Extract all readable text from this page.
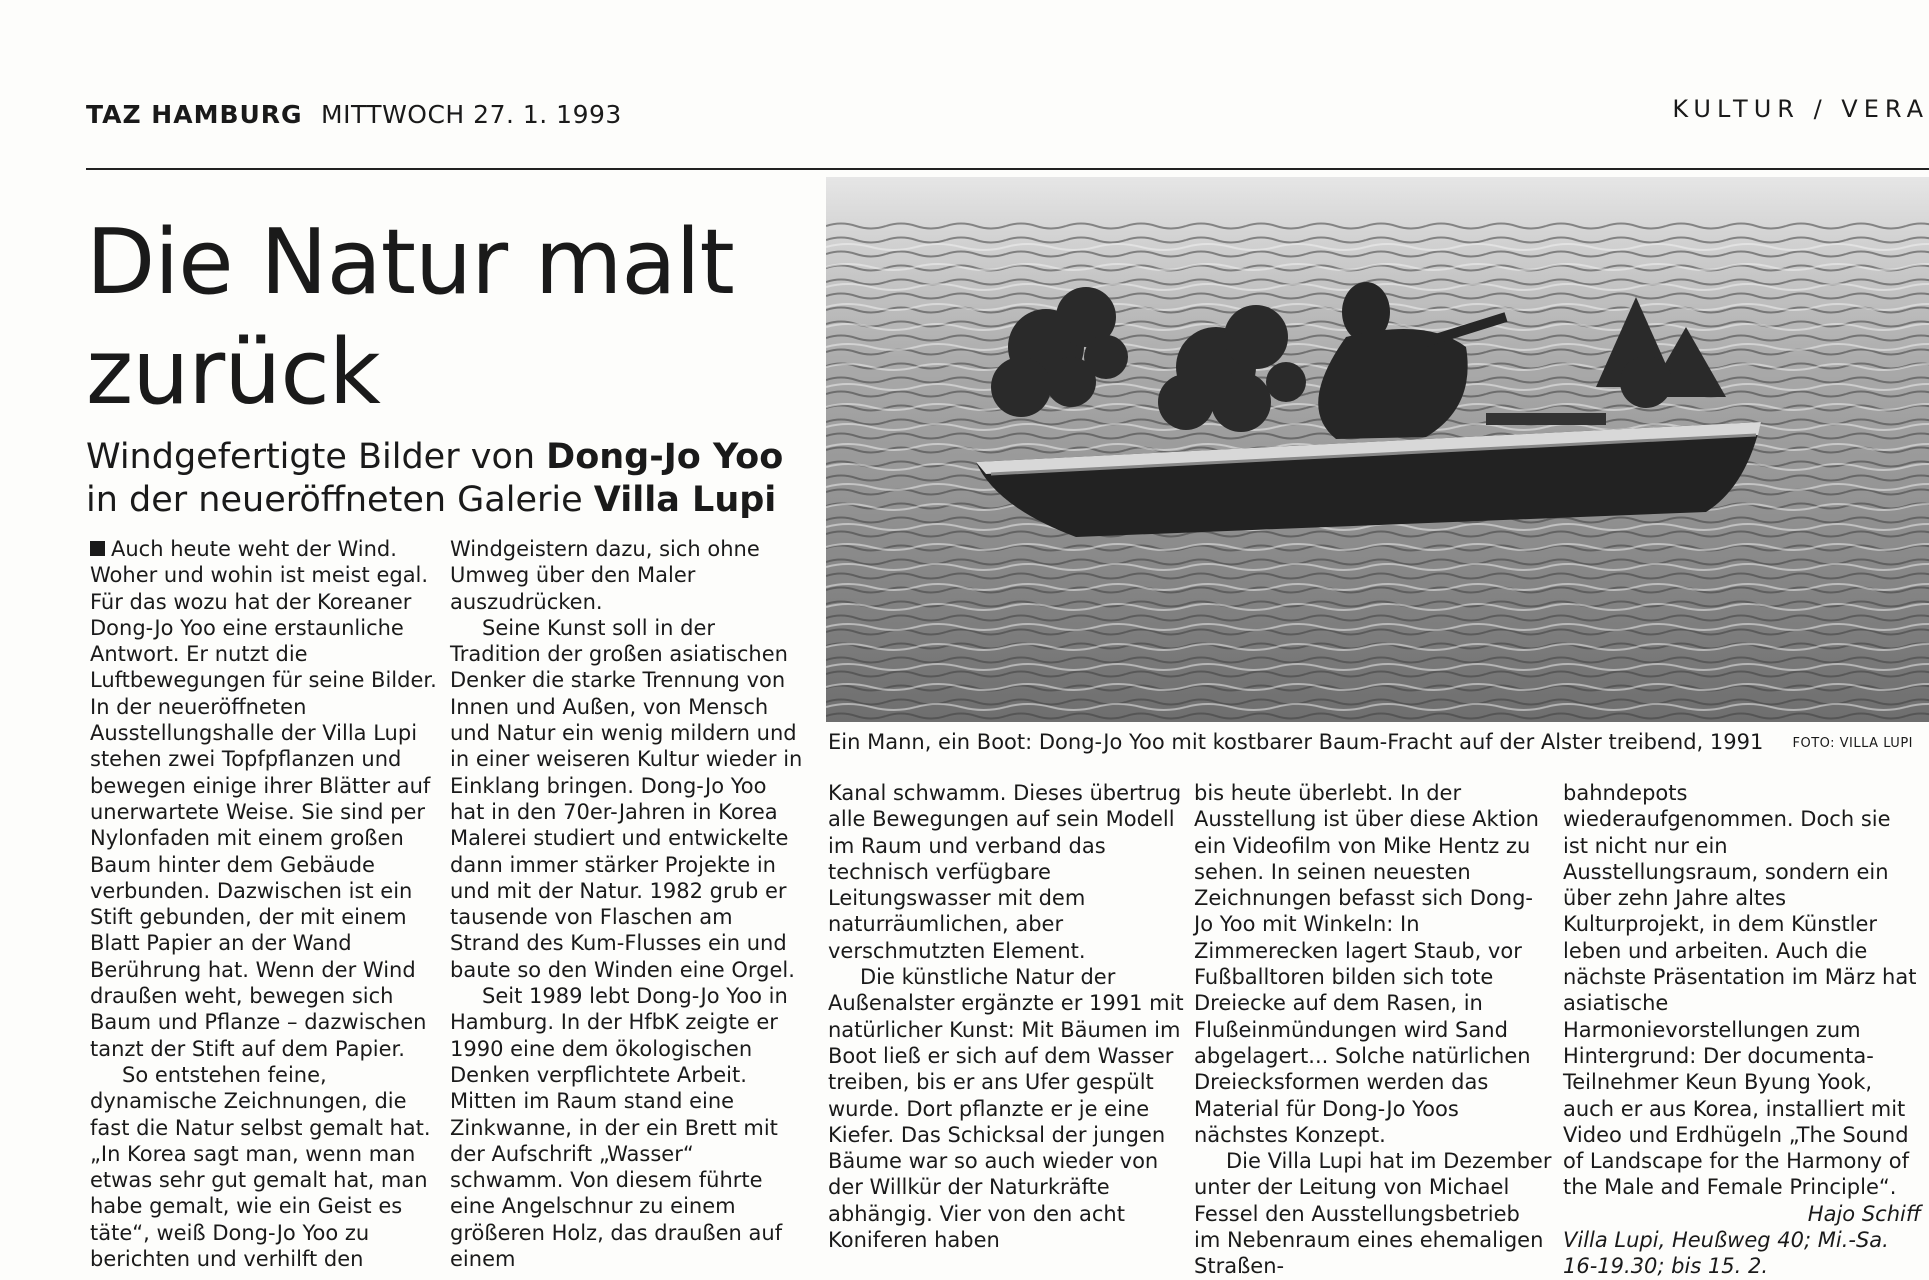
TAZ HAMBURG MITTWOCH 27. 1. 1993	KULTUR / VERA
Die Natur malt
zurück
Windgefertigte Bilder von Dong-Jo Yoo
in der neueröffneten Galerie Villa Lupi
Ein Mann, ein Boot: Dong-Jo Yoo mit kostbarer Baum-Fracht auf der Alster treibend, 1991	FOTO: VILLA LUPI

Auch heute weht der Wind. Woher und wohin ist meist egal. Für das wozu hat der Koreaner Dong-Jo Yoo eine erstaunliche Antwort. Er nutzt die Luftbewegungen für seine Bilder. In der neueröffneten Ausstellungshalle der Villa Lupi stehen zwei Topfpflanzen und bewegen einige ihrer Blätter auf unerwartete Weise. Sie sind per Nylonfaden mit einem großen Baum hinter dem Gebäude verbunden. Dazwischen ist ein Stift gebunden, der mit einem Blatt Papier an der Wand Berührung hat. Wenn der Wind draußen weht, bewegen sich Baum und Pflanze – dazwischen tanzt der Stift auf dem Papier.

So entstehen feine, dynamische Zeichnungen, die fast die Natur selbst gemalt hat. „In Korea sagt man, wenn man etwas sehr gut gemalt hat, man habe gemalt, wie ein Geist es täte“, weiß Dong-Jo Yoo zu berichten und verhilft den

Windgeistern dazu, sich ohne Umweg über den Maler auszudrücken.

Seine Kunst soll in der Tradition der großen asiatischen Denker die starke Trennung von Innen und Außen, von Mensch und Natur ein wenig mildern und in einer weiseren Kultur wieder in Einklang bringen. Dong-Jo Yoo hat in den 70er-Jahren in Korea Malerei studiert und entwickelte dann immer stärker Projekte in und mit der Natur. 1982 grub er tausende von Flaschen am Strand des Kum-Flusses ein und baute so den Winden eine Orgel.

Seit 1989 lebt Dong-Jo Yoo in Hamburg. In der HfbK zeigte er 1990 eine dem ökologischen Denken verpflichtete Arbeit. Mitten im Raum stand eine Zinkwanne, in der ein Brett mit der Aufschrift „Wasser“ schwamm. Von diesem führte eine Angelschnur zu einem größeren Holz, das draußen auf einem

Kanal schwamm. Dieses übertrug alle Bewegungen auf sein Modell im Raum und verband das technisch verfügbare Leitungswasser mit dem naturräumlichen, aber verschmutzten Element.

Die künstliche Natur der Außenalster ergänzte er 1991 mit natürlicher Kunst: Mit Bäumen im Boot ließ er sich auf dem Wasser treiben, bis er ans Ufer gespült wurde. Dort pflanzte er je eine Kiefer. Das Schicksal der jungen Bäume war so auch wieder von der Willkür der Naturkräfte abhängig. Vier von den acht Koniferen haben

bis heute überlebt. In der Ausstellung ist über diese Aktion ein Videofilm von Mike Hentz zu sehen. In seinen neuesten Zeichnungen befasst sich Dong-Jo Yoo mit Winkeln: In Zimmerecken lagert Staub, vor Fußballtoren bilden sich tote Dreiecke auf dem Rasen, in Flußeinmündungen wird Sand abgelagert... Solche natürlichen Dreiecksformen werden das Material für Dong-Jo Yoos nächstes Konzept.

Die Villa Lupi hat im Dezember unter der Leitung von Michael Fessel den Ausstellungsbetrieb im Nebenraum eines ehemaligen Straßen-

bahndepots wiederaufgenommen. Doch sie ist nicht nur ein Ausstellungsraum, sondern ein über zehn Jahre altes Kulturprojekt, in dem Künstler leben und arbeiten. Auch die nächste Präsentation im März hat asiatische Harmonievorstellungen zum Hintergrund: Der documenta-Teilnehmer Keun Byung Yook, auch er aus Korea, installiert mit Video und Erdhügeln „The Sound of Landscape for the Harmony of the Male and Female Principle“.

Hajo Schiff

Villa Lupi, Heußweg 40; Mi.-Sa. 16-19.30; bis 15. 2.
